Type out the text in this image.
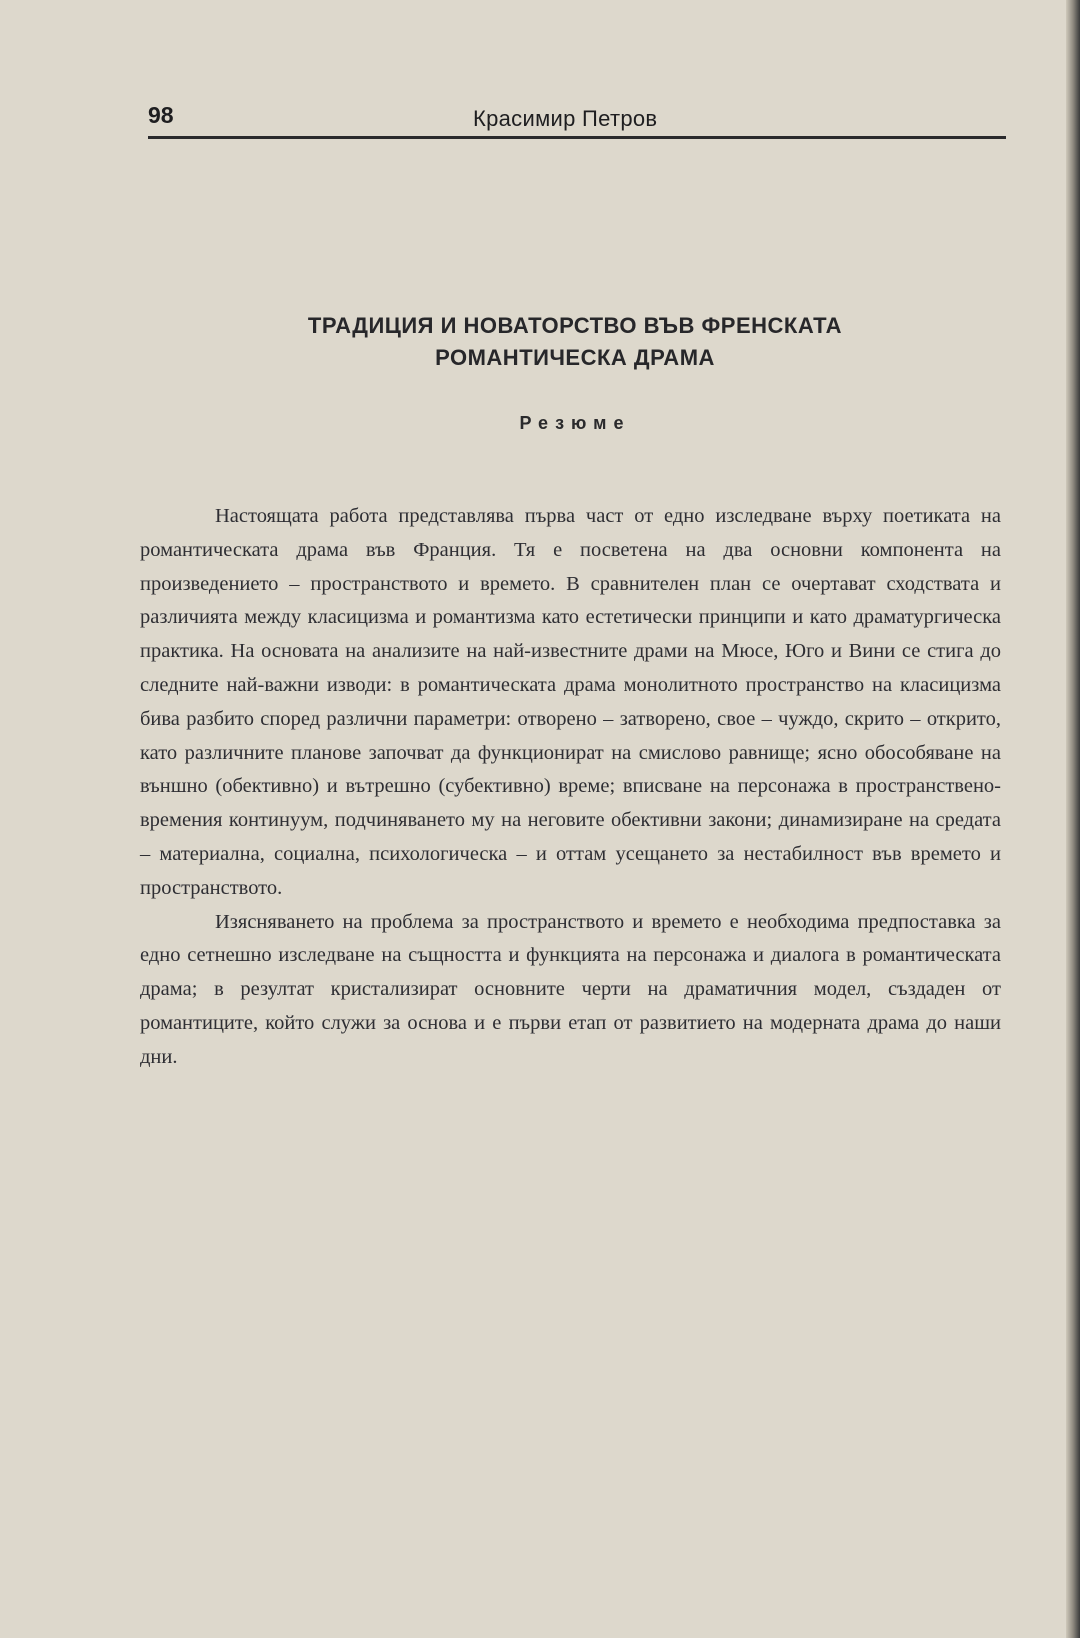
98	Красимир Петров
ТРАДИЦИЯ И НОВАТОРСТВО ВЪВ ФРЕНСКАТА
РОМАНТИЧЕСКА ДРАМА
Резюме

Настоящата работа представлява първа част от едно изследване върху поетиката на романтическата драма във Франция. Тя е посветена на два основни компонента на произведението – пространството и времето. В сравнителен план се очертават сходствата и различията между класицизма и романтизма като естетически принципи и като драматургическа практика. На основата на анализите на най-известните драми на Мюсе, Юго и Вини се стига до следните най-важни изводи: в романтическата драма монолитното пространство на класицизма бива разбито според различни параметри: отворено – затворено, свое – чуждо, скрито – открито, като различните планове започват да функционират на смислово равнище; ясно обособяване на външно (обективно) и вътрешно (субективно) време; вписване на персонажа в пространствено-времения континуум, подчиняването му на неговите обективни закони; динамизиране на средата – материална, социална, психологическа – и оттам усещането за нестабилност във времето и пространството.

Изясняването на проблема за пространството и времето е необходима предпоставка за едно сетнешно изследване на същността и функцията на персонажа и диалога в романтическата драма; в резултат кристализират основните черти на драматичния модел, създаден от романтиците, който служи за основа и е първи етап от развитието на модерната драма до наши дни.
